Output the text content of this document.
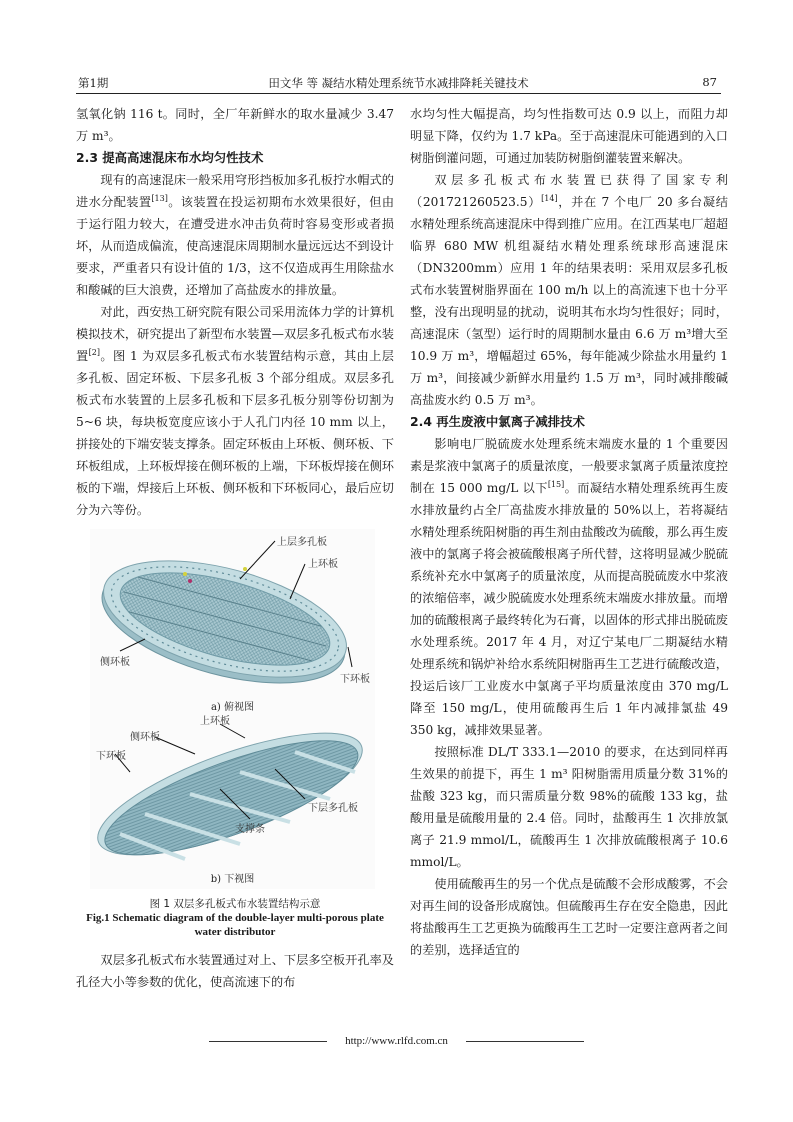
第1期	田文华 等 凝结水精处理系统节水减排降耗关键技术	87

氢氧化钠 116 t。同时，全厂年新鲜水的取水量减少 3.47 万 m³。

2.3 提高高速混床布水均匀性技术

现有的高速混床一般采用穹形挡板加多孔板拧水帽式的进水分配装置[13]。该装置在投运初期布水效果很好，但由于运行阻力较大，在遭受进水冲击负荷时容易变形或者损坏，从而造成偏流，使高速混床周期制水量远远达不到设计要求，严重者只有设计值的 1/3，这不仅造成再生用除盐水和酸碱的巨大浪费，还增加了高盐废水的排放量。

对此，西安热工研究院有限公司采用流体力学的计算机模拟技术，研究提出了新型布水装置—双层多孔板式布水装置[2]。图 1 为双层多孔板式布水装置结构示意，其由上层多孔板、固定环板、下层多孔板 3 个部分组成。双层多孔板式布水装置的上层多孔板和下层多孔板分别等份切割为 5~6 块，每块板宽度应该小于人孔门内径 10 mm 以上，拼接处的下端安装支撑条。固定环板由上环板、侧环板、下环板组成，上环板焊接在侧环板的上端，下环板焊接在侧环板的下端，焊接后上环板、侧环板和下环板同心，最后应切分为六等份。

上层多孔板
上环板
侧环板
下环板
a) 俯视图
上环板
侧环板
下环板
下层多孔板
支撑条
b) 下视图
图 1 双层多孔板式布水装置结构示意
Fig.1 Schematic diagram of the double-layer multi-porous plate water distributor

双层多孔板式布水装置通过对上、下层多空板开孔率及孔径大小等参数的优化，使高流速下的布

水均匀性大幅提高，均匀性指数可达 0.9 以上，而阻力却明显下降，仅约为 1.7 kPa。至于高速混床可能遇到的入口树脂倒灌问题，可通过加装防树脂倒灌装置来解决。

双层多孔板式布水装置已获得了国家专利（201721260523.5）[14]，并在 7 个电厂 20 多台凝结水精处理系统高速混床中得到推广应用。在江西某电厂超超临界 680 MW 机组凝结水精处理系统球形高速混床（DN3200mm）应用 1 年的结果表明：采用双层多孔板式布水装置树脂界面在 100 m/h 以上的高流速下也十分平整，没有出现明显的扰动，说明其布水均匀性很好；同时，高速混床（氢型）运行时的周期制水量由 6.6 万 m³增大至 10.9 万 m³，增幅超过 65%，每年能减少除盐水用量约 1 万 m³，间接减少新鲜水用量约 1.5 万 m³，同时减排酸碱高盐废水约 0.5 万 m³。

2.4 再生废液中氯离子减排技术

影响电厂脱硫废水处理系统末端废水量的 1 个重要因素是浆液中氯离子的质量浓度，一般要求氯离子质量浓度控制在 15 000 mg/L 以下[15]。而凝结水精处理系统再生废水排放量约占全厂高盐废水排放量的 50%以上，若将凝结水精处理系统阳树脂的再生剂由盐酸改为硫酸，那么再生废液中的氯离子将会被硫酸根离子所代替，这将明显减少脱硫系统补充水中氯离子的质量浓度，从而提高脱硫废水中浆液的浓缩倍率，减少脱硫废水处理系统末端废水排放量。而增加的硫酸根离子最终转化为石膏，以固体的形式排出脱硫废水处理系统。2017 年 4 月，对辽宁某电厂二期凝结水精处理系统和锅炉补给水系统阳树脂再生工艺进行硫酸改造，投运后该厂工业废水中氯离子平均质量浓度由 370 mg/L 降至 150 mg/L，使用硫酸再生后 1 年内减排氯盐 49 350 kg，减排效果显著。

按照标准 DL/T 333.1—2010 的要求，在达到同样再生效果的前提下，再生 1 m³ 阳树脂需用质量分数 31%的盐酸 323 kg，而只需质量分数 98%的硫酸 133 kg，盐酸用量是硫酸用量的 2.4 倍。同时，盐酸再生 1 次排放氯离子 21.9 mmol/L，硫酸再生 1 次排放硫酸根离子 10.6 mmol/L。

使用硫酸再生的另一个优点是硫酸不会形成酸雾，不会对再生间的设备形成腐蚀。但硫酸再生存在安全隐患，因此将盐酸再生工艺更换为硫酸再生工艺时一定要注意两者之间的差别，选择适宜的

http://www.rlfd.com.cn
